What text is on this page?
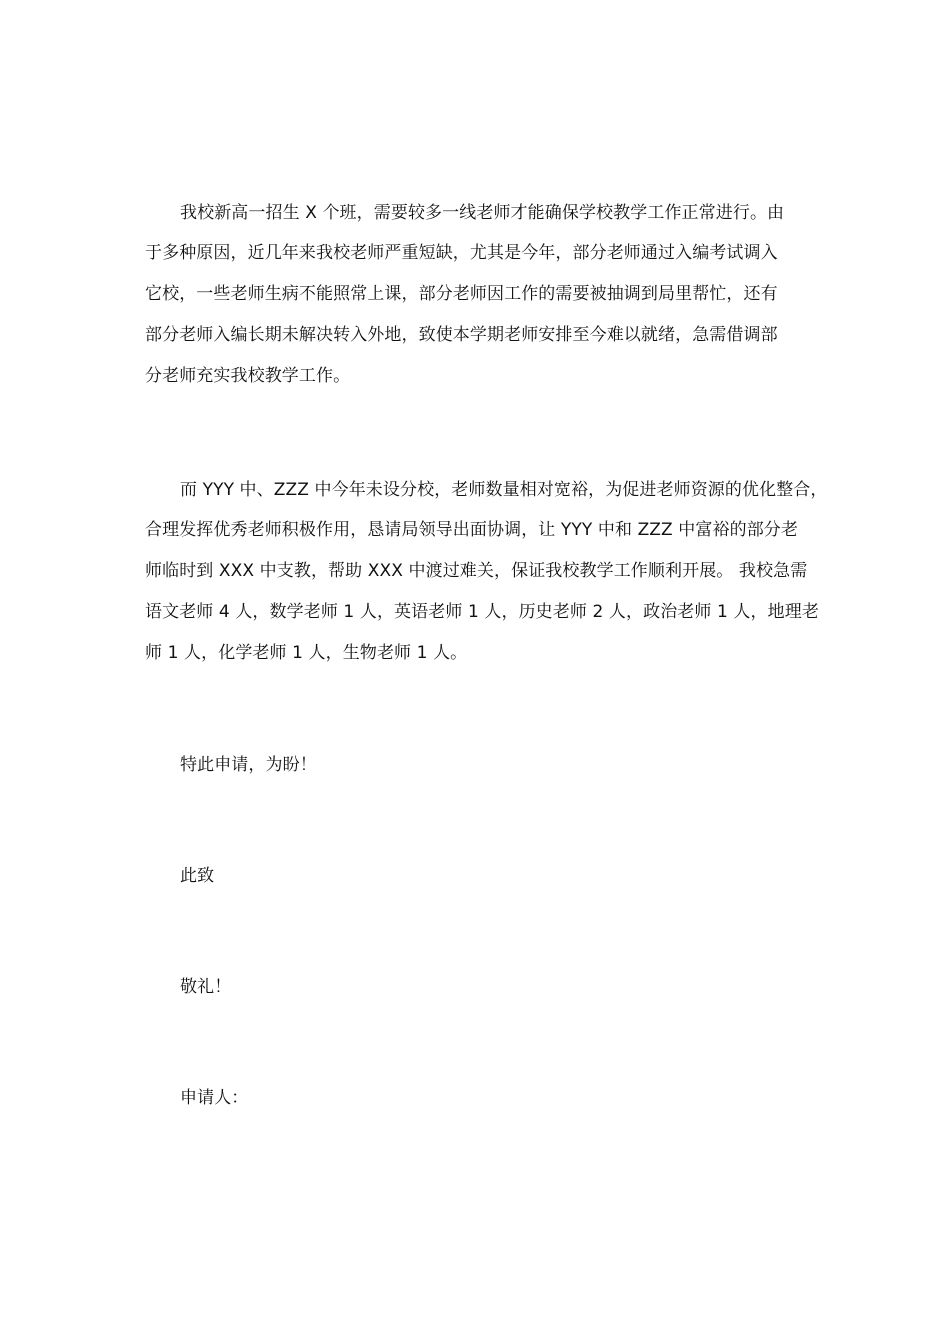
我校新高一招生 X 个班，需要较多一线老师才能确保学校教学工作正常进行。由
于多种原因，近几年来我校老师严重短缺，尤其是今年，部分老师通过入编考试调入
它校，一些老师生病不能照常上课，部分老师因工作的需要被抽调到局里帮忙，还有
部分老师入编长期未解决转入外地，致使本学期老师安排至今难以就绪，急需借调部
分老师充实我校教学工作。
而 YYY 中、ZZZ 中今年未设分校，老师数量相对宽裕，为促进老师资源的优化整合，
合理发挥优秀老师积极作用，恳请局领导出面协调，让 YYY 中和 ZZZ 中富裕的部分老
师临时到 XXX 中支教，帮助 XXX 中渡过难关，保证我校教学工作顺利开展。 我校急需
语文老师 4 人，数学老师 1 人，英语老师 1 人，历史老师 2 人，政治老师 1 人，地理老
师 1 人，化学老师 1 人，生物老师 1 人。
特此申请，为盼！
此致
敬礼！
申请人：
